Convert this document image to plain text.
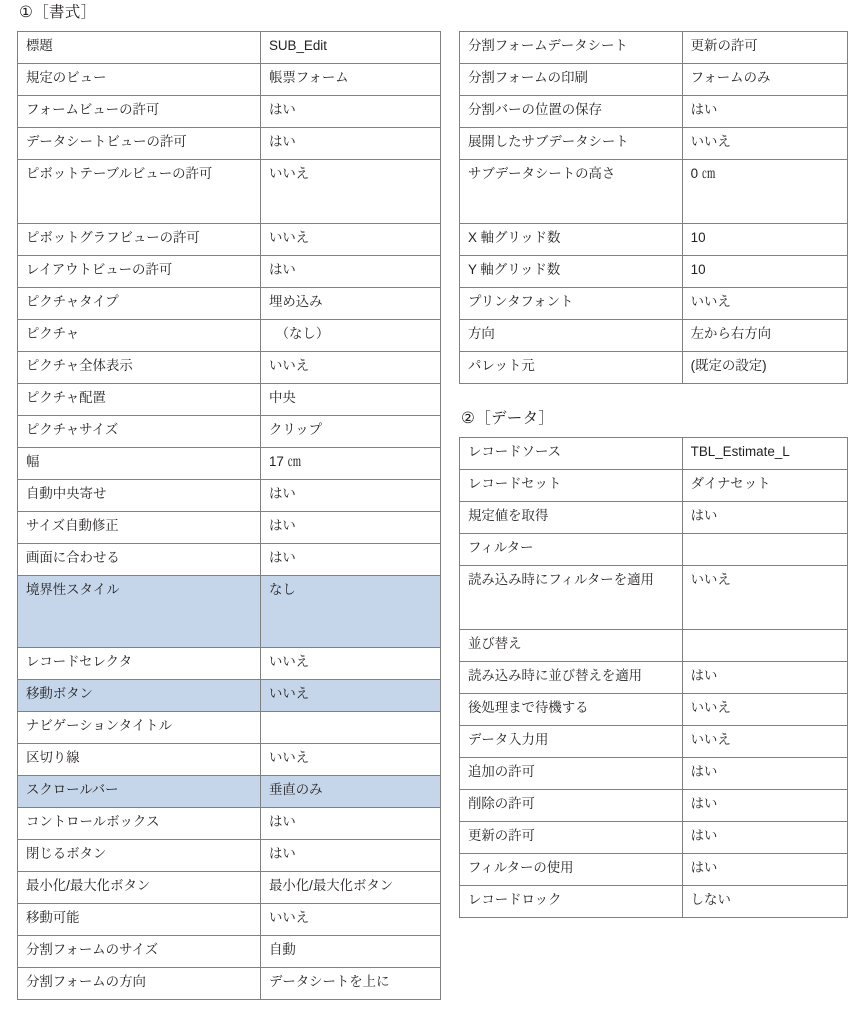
①［書式］
標題	SUB_Edit

規定のビュー	帳票フォーム

フォームビューの許可	はい

データシートビューの許可	はい

ピボットテーブルビューの許可	いいえ

ピボットグラフビューの許可	いいえ

レイアウトビューの許可	はい

ピクチャタイプ	埋め込み

ピクチャ	　（なし）

ピクチャ全体表示	いいえ

ピクチャ配置	中央

ピクチャサイズ	クリップ

幅	17 ㎝

自動中央寄せ	はい

サイズ自動修正	はい

画面に合わせる	はい

境界性スタイル	なし

レコードセレクタ	いいえ

移動ボタン	いいえ

ナビゲーションタイトル	

区切り線	いいえ

スクロールバー	垂直のみ

コントロールボックス	はい

閉じるボタン	はい

最小化/最大化ボタン	最小化/最大化ボタン

移動可能	いいえ

分割フォームのサイズ	自動

分割フォームの方向	データシートを上に

分割フォームデータシート	更新の許可

分割フォームの印刷	フォームのみ

分割バーの位置の保存	はい

展開したサブデータシート	いいえ

サブデータシートの高さ	0 ㎝

X 軸グリッド数	10

Y 軸グリッド数	10

プリンタフォント	いいえ

方向	左から右方向

パレット元	(既定の設定)
②［データ］
レコードソース	TBL_Estimate_L

レコードセット	ダイナセット

規定値を取得	はい

フィルター	

読み込み時にフィルターを適用	いいえ

並び替え	

読み込み時に並び替えを適用	はい

後処理まで待機する	いいえ

データ入力用	いいえ

追加の許可	はい

削除の許可	はい

更新の許可	はい

フィルターの使用	はい

レコードロック	しない
